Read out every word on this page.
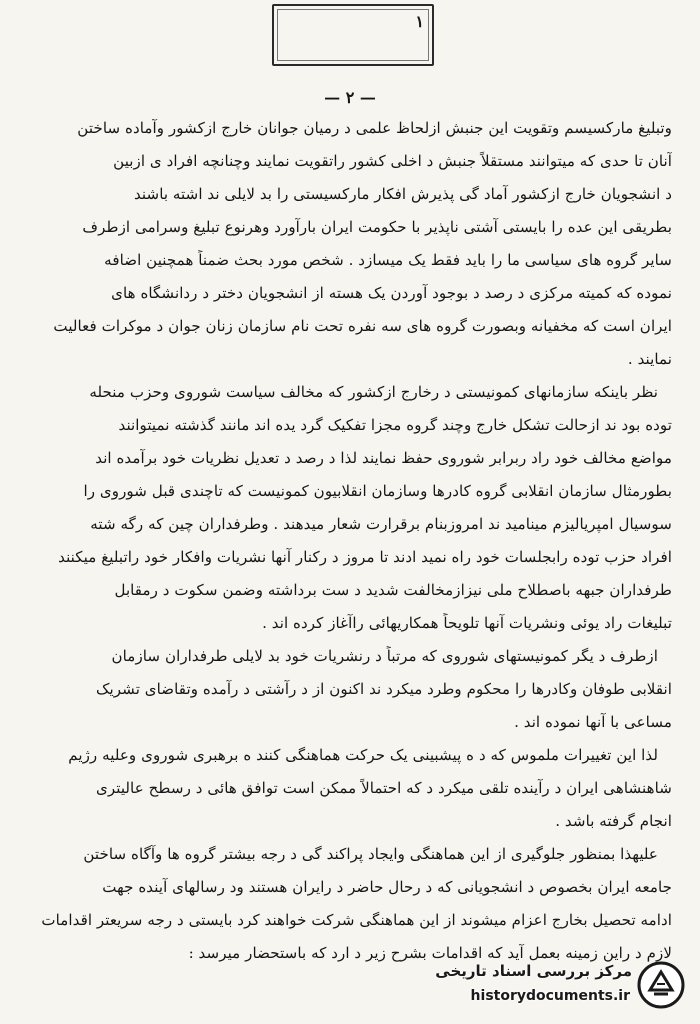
۱
— ۲ —
وتبلیغ مارکسیسم وتقویت این جنبش ازلحاظ علمی د رمیان جوانان خارج ازکشور وآماده ساختن
آنان تا حدی که میتوانند مستقلاً جنبش د اخلی کشور راتقویت نمایند وچنانچه افراد ی ازبین
د انشجویان خارج ازکشور آماد گی پذیرش افکار مارکسیستی را بد لایلی ند اشته باشند
بطریقی این عده را بایستی آشتی ناپذیر با حکومت ایران بارآورد وهرنوع تبلیغ وسرامی ازطرف
سایر گروه های سیاسی ما را باید فقط یک میسازد . شخص مورد بحث ضمناً همچنین اضافه
نموده که کمیته مرکزی د رصد د بوجود آوردن یک هسته از انشجویان دختر د ردانشگاه های
ایران است که مخفیانه وبصورت گروه های سه نفره تحت نام سازمان زنان جوان د موکرات فعالیت
نمایند .
نظر باینکه سازمانهای کمونیستی د رخارج ازکشور که مخالف سیاست شوروی وحزب منحله
توده بود ند ازحالت تشکل خارج وچند گروه مجزا تفکیک گرد یده اند مانند گذشته نمیتوانند
مواضع مخالف خود راد ربرابر شوروی حفظ نمایند لذا د رصد د تعدیل نظریات خود برآمده اند
بطورمثال سازمان انقلابی گروه کادرها وسازمان انقلابیون کمونیست که تاچندی قبل شوروی را
سوسیال امپریالیزم مینامید ند امروزبنام برقرارت شعار میدهند . وطرفداران چین که رگه شته
افراد حزب توده رابجلسات خود راه نمید ادند تا مروز د رکنار آنها نشریات وافکار خود راتبلیغ میکنند
طرفداران جبهه باصطلاح ملی نیزازمخالفت شدید د ست برداشته وضمن سکوت د رمقابل
تبلیغات راد یوئی ونشریات آنها تلویحاً همکاریهائی راآغاز کرده اند .
ازطرف د یگر کمونیستهای شوروی که مرتباً د رنشریات خود بد لایلی طرفداران سازمان
انقلابی طوفان وکادرها را محکوم وطرد میکرد ند اکنون از د رآشتی د رآمده وتقاضای تشریک
مساعی با آنها نموده اند .
لذا این تغییرات ملموس که د ه پیشبینی یک حرکت هماهنگی کنند ه برهبری شوروی وعلیه رژیم
شاهنشاهی ایران د رآینده تلقی میکرد د که احتمالاً ممکن است توافق هائی د رسطح عالیتری
انجام گرفته باشد .
علیهذا بمنظور جلوگیری از این هماهنگی وایجاد پراکند گی د رجه بیشتر گروه ها وآگاه ساختن
جامعه ایران بخصوص د انشجویانی که د رحال حاضر د رایران هستند ود رسالهای آینده جهت
ادامه تحصیل بخارج اعزام میشوند از این هماهنگی شرکت خواهند کرد بایستی د رجه سریعتر اقدامات
لازم د راین زمینه بعمل آید که اقدامات بشرح زیر د ارد که باستحضار میرسد :
مرکز بررسی اسناد تاریخی
historydocuments.ir
